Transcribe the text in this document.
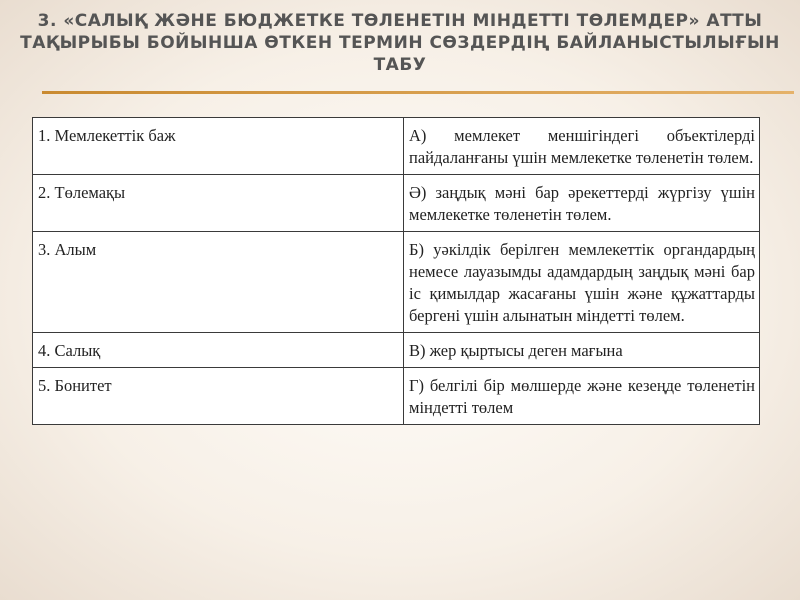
3. «САЛЫҚ ЖӘНЕ БЮДЖЕТКЕ ТӨЛЕНЕТІН МІНДЕТТІ ТӨЛЕМДЕР» АТТЫ ТАҚЫРЫБЫ БОЙЫНША ӨТКЕН ТЕРМИН СӨЗДЕРДІҢ БАЙЛАНЫСТЫЛЫҒЫН ТАБУ
1. Мемлекеттік баж	А) мемлекет меншігіндегі объектілерді пайдаланғаны үшін мемлекетке төленетін төлем.
2. Төлемақы	Ә) заңдық мәні бар әрекеттерді жүргізу үшін мемлекетке төленетін төлем.
3. Алым	Б) уәкілдік берілген мемлекеттік органдардың немесе лауазымды адамдардың заңдық мәні бар іс қимылдар жасағаны үшін және құжаттарды бергені үшін алынатын міндетті төлем.
4. Салық	В) жер қыртысы деген мағына
5. Бонитет	Г) белгілі бір мөлшерде және кезеңде төленетін міндетті төлем
